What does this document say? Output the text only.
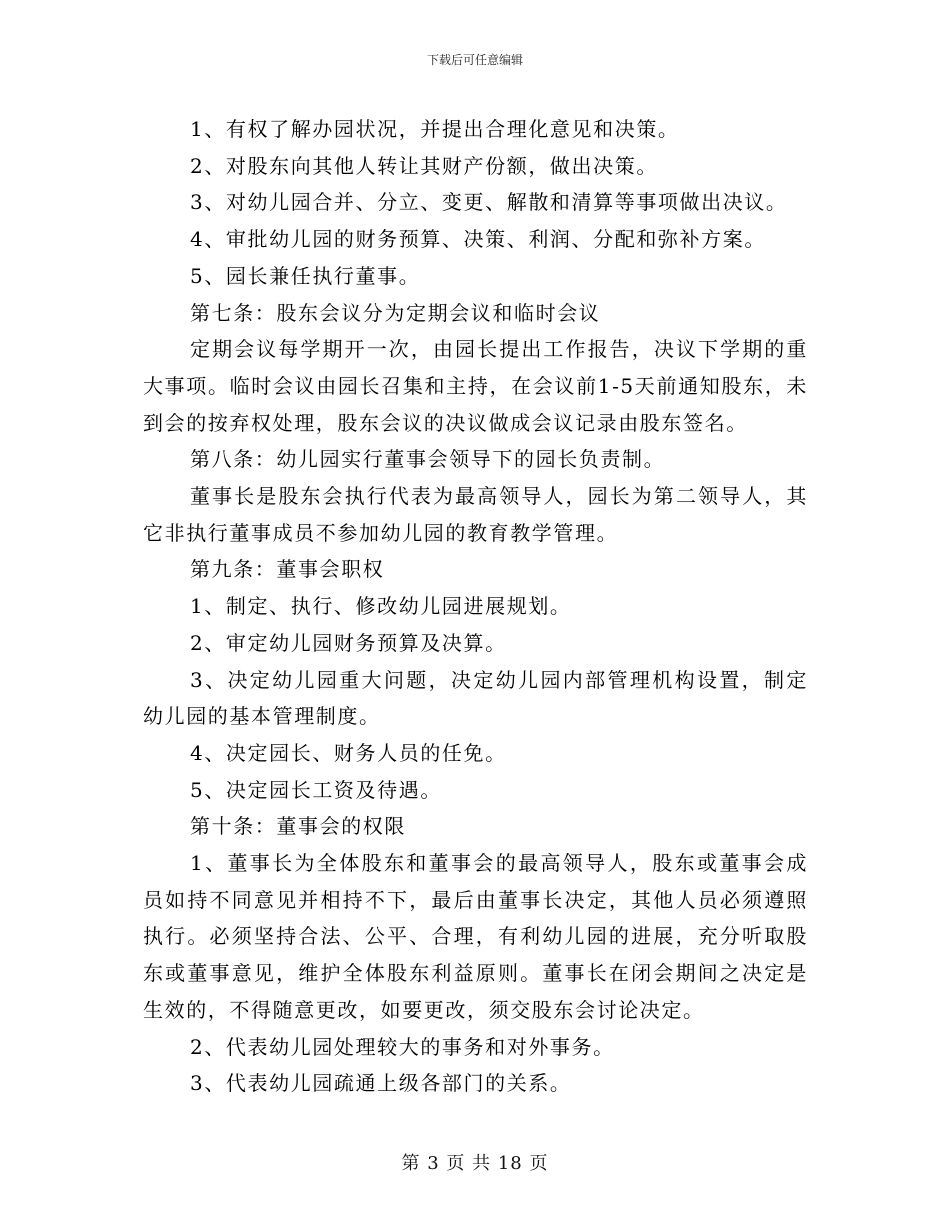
下载后可任意编辑

1、有权了解办园状况，并提出合理化意见和决策。

2、对股东向其他人转让其财产份额，做出决策。

3、对幼儿园合并、分立、变更、解散和清算等事项做出决议。

4、审批幼儿园的财务预算、决策、利润、分配和弥补方案。

5、园长兼任执行董事。

第七条：股东会议分为定期会议和临时会议

定期会议每学期开一次，由园长提出工作报告，决议下学期的重大事项。临时会议由园长召集和主持，在会议前1-5天前通知股东，未到会的按弃权处理，股东会议的决议做成会议记录由股东签名。

第八条：幼儿园实行董事会领导下的园长负责制。

董事长是股东会执行代表为最高领导人，园长为第二领导人，其它非执行董事成员不参加幼儿园的教育教学管理。

第九条：董事会职权

1、制定、执行、修改幼儿园进展规划。

2、审定幼儿园财务预算及决算。

3、决定幼儿园重大问题，决定幼儿园内部管理机构设置，制定幼儿园的基本管理制度。

4、决定园长、财务人员的任免。

5、决定园长工资及待遇。

第十条：董事会的权限

1、董事长为全体股东和董事会的最高领导人，股东或董事会成员如持不同意见并相持不下，最后由董事长决定，其他人员必须遵照执行。必须坚持合法、公平、合理，有利幼儿园的进展，充分听取股东或董事意见，维护全体股东利益原则。董事长在闭会期间之决定是生效的，不得随意更改，如要更改，须交股东会讨论决定。

2、代表幼儿园处理较大的事务和对外事务。

3、代表幼儿园疏通上级各部门的关系。

第 3 页 共 18 页
